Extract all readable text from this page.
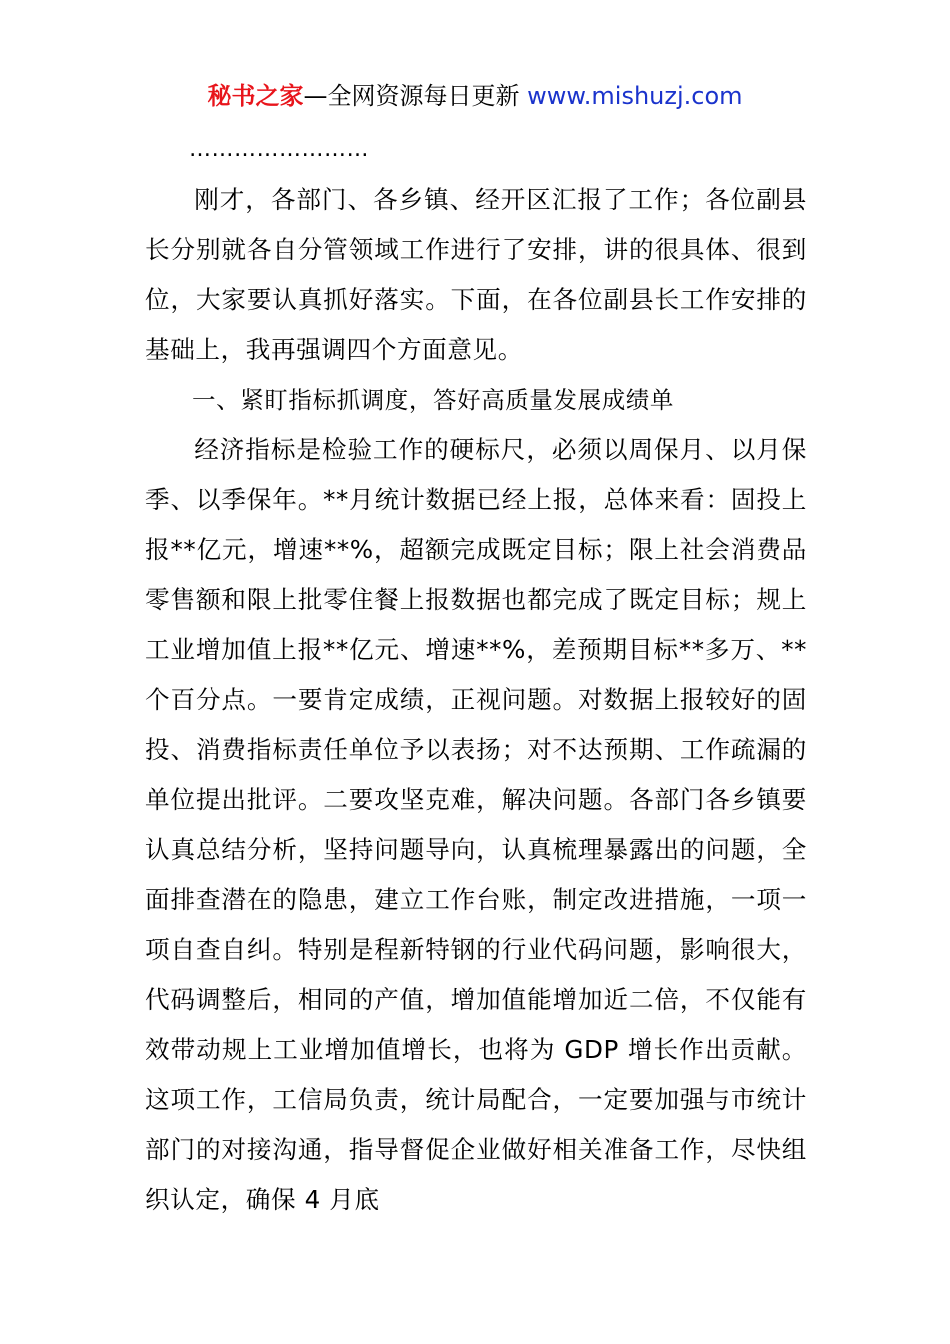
秘书之家—全网资源每日更新 www.mishuzj.com

……………………

刚才，各部门、各乡镇、经开区汇报了工作；各位副县长分别就各自分管领域工作进行了安排，讲的很具体、很到位，大家要认真抓好落实。下面，在各位副县长工作安排的基础上，我再强调四个方面意见。

一、紧盯指标抓调度，答好高质量发展成绩单

经济指标是检验工作的硬标尺，必须以周保月、以月保季、以季保年。**月统计数据已经上报，总体来看：固投上报**亿元，增速**%，超额完成既定目标；限上社会消费品零售额和限上批零住餐上报数据也都完成了既定目标；规上工业增加值上报**亿元、增速**%，差预期目标**多万、**个百分点。一要肯定成绩，正视问题。对数据上报较好的固投、消费指标责任单位予以表扬；对不达预期、工作疏漏的单位提出批评。二要攻坚克难，解决问题。各部门各乡镇要认真总结分析，坚持问题导向，认真梳理暴露出的问题，全面排查潜在的隐患，建立工作台账，制定改进措施，一项一项自查自纠。特别是程新特钢的行业代码问题，影响很大，代码调整后，相同的产值，增加值能增加近二倍，不仅能有效带动规上工业增加值增长，也将为 GDP 增长作出贡献。这项工作，工信局负责，统计局配合，一定要加强与市统计部门的对接沟通，指导督促企业做好相关准备工作，尽快组织认定，确保 4 月底
